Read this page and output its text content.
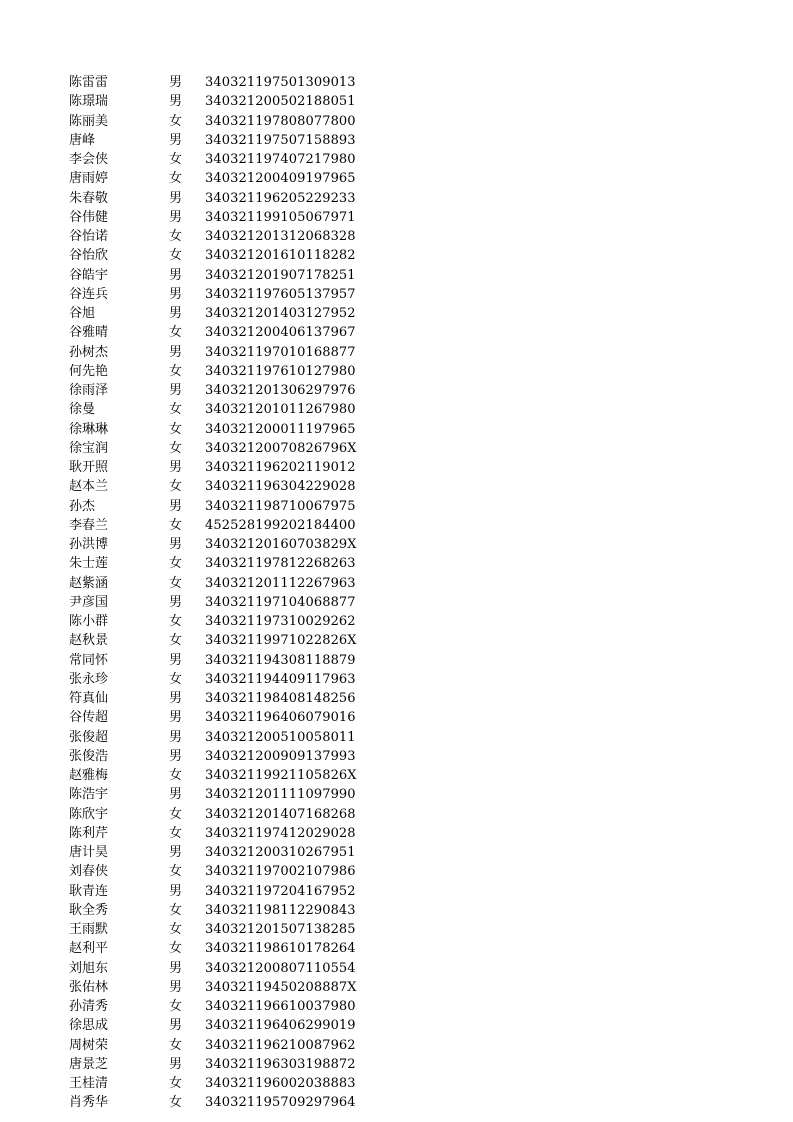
陈雷雷	男 340321197501309013
陈璟瑞	男 340321200502188051
陈丽美	女 340321197808077800
唐峰	男 340321197507158893
李会侠	女 340321197407217980
唐雨婷	女 340321200409197965
朱春敬	男 340321196205229233
谷伟健	男 340321199105067971
谷怡诺	女 340321201312068328
谷怡欣	女 340321201610118282
谷皓宇	男 340321201907178251
谷连兵	男 340321197605137957
谷旭	男 340321201403127952
谷雅晴	女 340321200406137967
孙树杰	男 340321197010168877
何先艳	女 340321197610127980
徐雨泽	男 340321201306297976
徐曼	女 340321201011267980
徐琳琳	女 340321200011197965
徐宝润	女 34032120070826796X
耿开照	男 340321196202119012
赵本兰	女 340321196304229028
孙杰	男 340321198710067975
李春兰	女 452528199202184400
孙洪博	男 34032120160703829X
朱士莲	女 340321197812268263
赵紫涵	女 340321201112267963
尹彦国	男 340321197104068877
陈小群	女 340321197310029262
赵秋景	女 34032119971022826X
常同怀	男 340321194308118879
张永珍	女 340321194409117963
符真仙	男 340321198408148256
谷传超	男 340321196406079016
张俊超	男 340321200510058011
张俊浩	男 340321200909137993
赵雅梅	女 34032119921105826X
陈浩宇	男 340321201111097990
陈欣宇	女 340321201407168268
陈利芹	女 340321197412029028
唐计昊	男 340321200310267951
刘春侠	女 340321197002107986
耿青连	男 340321197204167952
耿全秀	女 340321198112290843
王雨默	女 340321201507138285
赵利平	女 340321198610178264
刘旭东	男 340321200807110554
张佑林	男 34032119450208887X
孙清秀	女 340321196610037980
徐思成	男 340321196406299019
周树荣	女 340321196210087962
唐景芝	男 340321196303198872
王桂清	女 340321196002038883
肖秀华	女 340321195709297964
